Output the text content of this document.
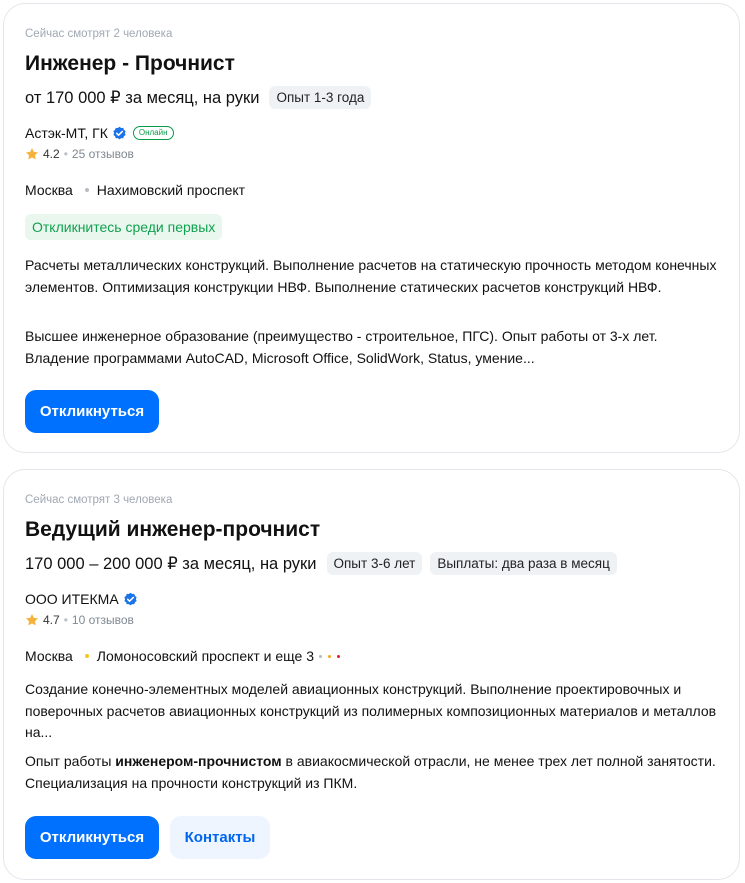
Сейчас смотрят 2 человека
Инженер - Прочнист
от 170 000 ₽ за месяц, на руки	Опыт 1-3 года
Астэк-МТ, ГК	Онлайн
4.2 • 25 отзывов
Москва Нахимовский проспект
Откликнитесь среди первых
Расчеты металлических конструкций. Выполнение расчетов на статическую прочность методом конечных элементов. Оптимизация конструкции НВФ. Выполнение статических расчетов конструкций НВФ.
Высшее инженерное образование (преимущество - строительное, ПГС). Опыт работы от 3-х лет. Владение программами AutoCAD, Microsoft Office, SolidWork, Status, умение...
Откликнуться
Сейчас смотрят 3 человека
Ведущий инженер-прочнист
170 000 – 200 000 ₽ за месяц, на руки	Опыт 3-6 лет	Выплаты: два раза в месяц
ООО ИТЕКМА
4.7 • 10 отзывов
Москва Ломоносовский проспект и еще 3
Создание конечно-элементных моделей авиационных конструкций. Выполнение проектировочных и поверочных расчетов авиационных конструкций из полимерных композиционных материалов и металлов на...
Опыт работы инженером-прочнистом в авиакосмической отрасли, не менее трех лет полной занятости. Специализация на прочности конструкций из ПКМ.
Откликнуться	Контакты
